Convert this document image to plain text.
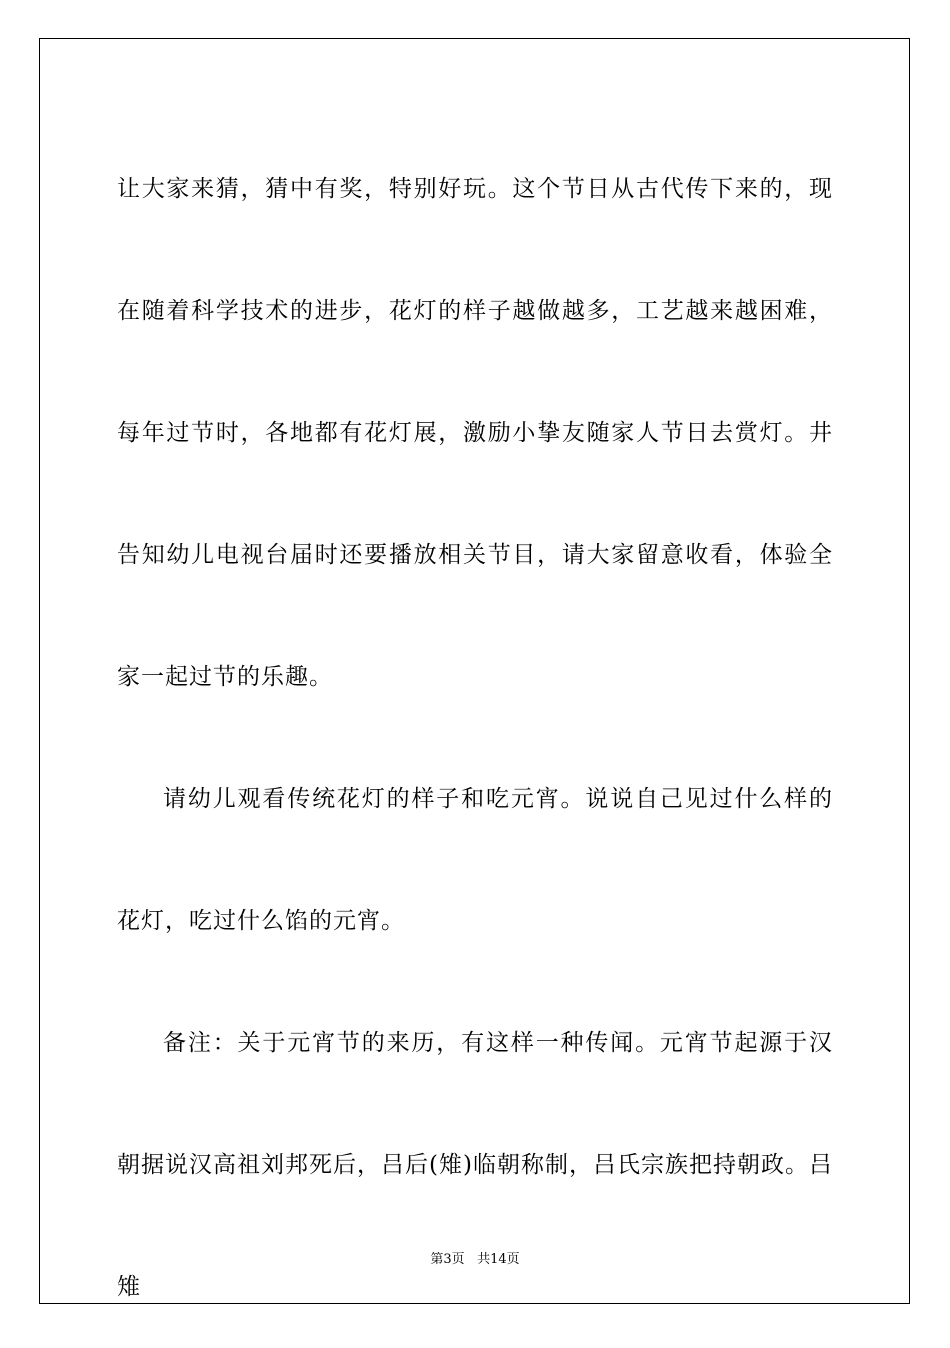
让大家来猜，猜中有奖，特别好玩。这个节日从古代传下来的，现在随着科学技术的进步，花灯的样子越做越多，工艺越来越困难，每年过节时，各地都有花灯展，激励小挚友随家人节日去赏灯。井告知幼儿电视台届时还要播放相关节目，请大家留意收看，体验全家一起过节的乐趣。

请幼儿观看传统花灯的样子和吃元宵。说说自己见过什么样的花灯，吃过什么馅的元宵。

备注：关于元宵节的来历，有这样一种传闻。元宵节起源于汉朝据说汉高祖刘邦死后，吕后(雉)临朝称制，吕氏宗族把持朝政。吕雉

第3页 共14页
